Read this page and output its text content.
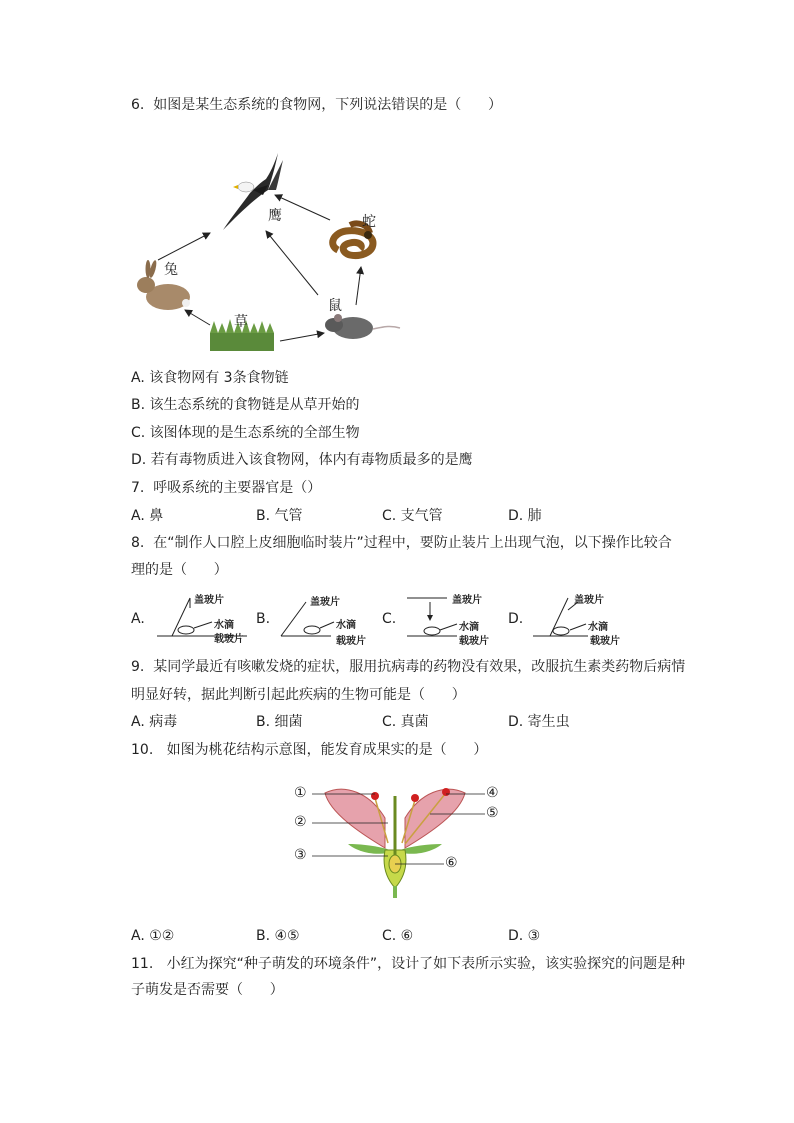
6.  如图是某生态系统的食物网，下列说法错误的是（      ）
鹰	蛇
兔
鼠
草
A. 该食物网有 3条食物链
B. 该生态系统的食物链是从草开始的
C. 该图体现的是生态系统的全部生物
D. 若有毒物质进入该食物网，体内有毒物质最多的是鹰
7.  呼吸系统的主要器官是（）
A. 鼻	B. 气管	C. 支气管	D. 肺
8.  在“制作人口腔上皮细胞临时装片”过程中，要防止装片上出现气泡，以下操作比较合
理的是（      ）
A.
盖玻片
水滴
载玻片
B.
盖玻片
水滴
载玻片
C.
盖玻片
水滴
载玻片
D.
盖玻片
水滴
载玻片
9.  某同学最近有咳嗽发烧的症状，服用抗病毒的药物没有效果，改服抗生素类药物后病情
明显好转，据此判断引起此疾病的生物可能是（      ）
A. 病毒	B. 细菌	C. 真菌	D. 寄生虫
10.   如图为桃花结构示意图，能发育成果实的是（      ）
①
②
③
④
⑤
⑥
A. ①②	B. ④⑤	C. ⑥	D. ③
11.   小红为探究“种子萌发的环境条件”，设计了如下表所示实验，该实验探究的问题是种
子萌发是否需要（      ）
